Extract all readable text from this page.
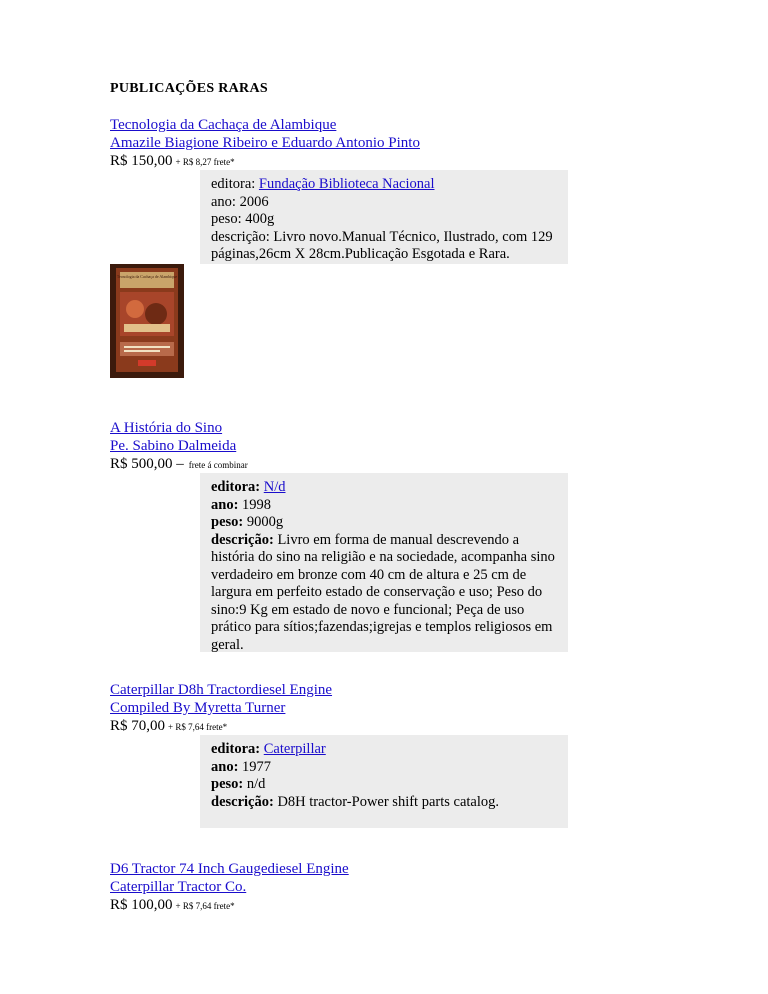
PUBLICAÇÕES RARAS
Tecnologia da Cachaça de Alambique
Amazile Biagione Ribeiro e Eduardo Antonio Pinto
R$ 150,00 + R$ 8,27 frete*
editora: Fundação Biblioteca Nacional
ano: 2006
peso: 400g
descrição: Livro novo.Manual Técnico, Ilustrado, com 129 páginas,26cm X 28cm.Publicação Esgotada e Rara.
Tecnologia da Cachaça de Alambique
A História do Sino
Pe. Sabino Dalmeida
R$ 500,00 – frete á combinar
editora: N/d
ano: 1998
peso: 9000g
descrição: Livro em forma de manual descrevendo a história do sino na religião e na sociedade, acompanha sino verdadeiro em bronze com 40 cm de altura e 25 cm de largura em perfeito estado de conservação e uso; Peso do sino:9 Kg em estado de novo e funcional; Peça de uso prático para sítios;fazendas;igrejas e templos religiosos em geral.
Caterpillar D8h Tractordiesel Engine
Compiled By Myretta Turner
R$ 70,00 + R$ 7,64 frete*
editora: Caterpillar
ano: 1977
peso: n/d
descrição: D8H tractor-Power shift parts catalog.
D6 Tractor 74 Inch Gaugediesel Engine
Caterpillar Tractor Co.
R$ 100,00 + R$ 7,64 frete*
